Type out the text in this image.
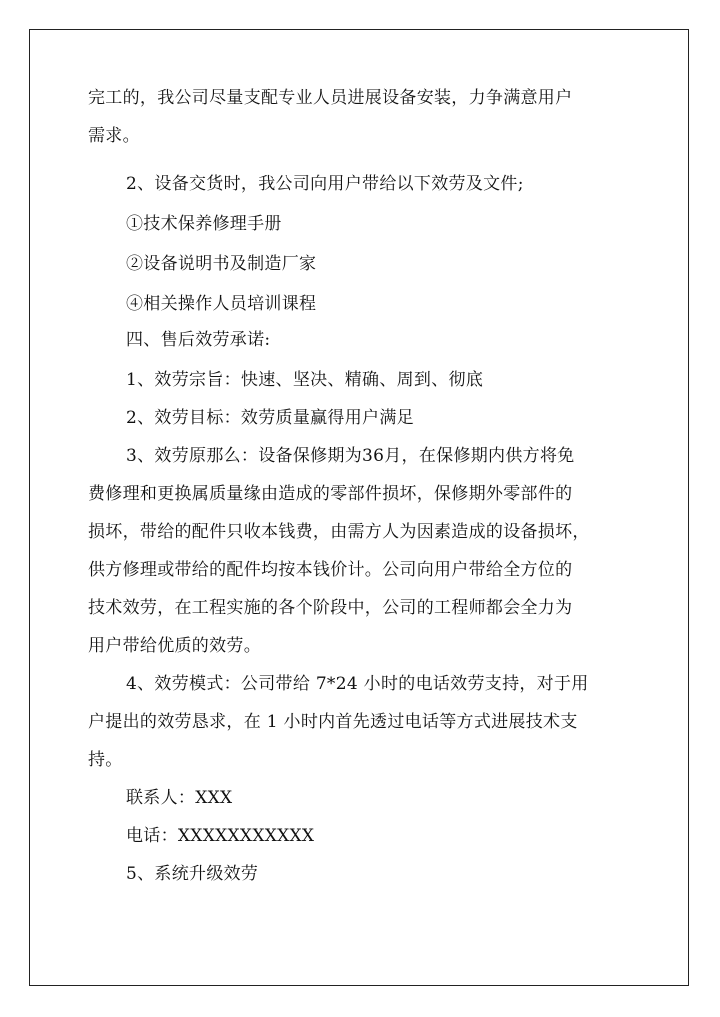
完工的，我公司尽量支配专业人员进展设备安装，力争满意用户
需求。
2、设备交货时，我公司向用户带给以下效劳及文件;
①技术保养修理手册
②设备说明书及制造厂家
④相关操作人员培训课程
四、售后效劳承诺:
1、效劳宗旨：快速、坚决、精确、周到、彻底
2、效劳目标：效劳质量赢得用户满足
3、效劳原那么：设备保修期为36月，在保修期内供方将免
费修理和更换属质量缘由造成的零部件损坏，保修期外零部件的
损坏，带给的配件只收本钱费，由需方人为因素造成的设备损坏，
供方修理或带给的配件均按本钱价计。公司向用户带给全方位的
技术效劳，在工程实施的各个阶段中，公司的工程师都会全力为
用户带给优质的效劳。
4、效劳模式：公司带给 7*24 小时的电话效劳支持，对于用
户提出的效劳恳求，在 1 小时内首先透过电话等方式进展技术支
持。
联系人：XXX
电话：XXXXXXXXXXX
5、系统升级效劳
